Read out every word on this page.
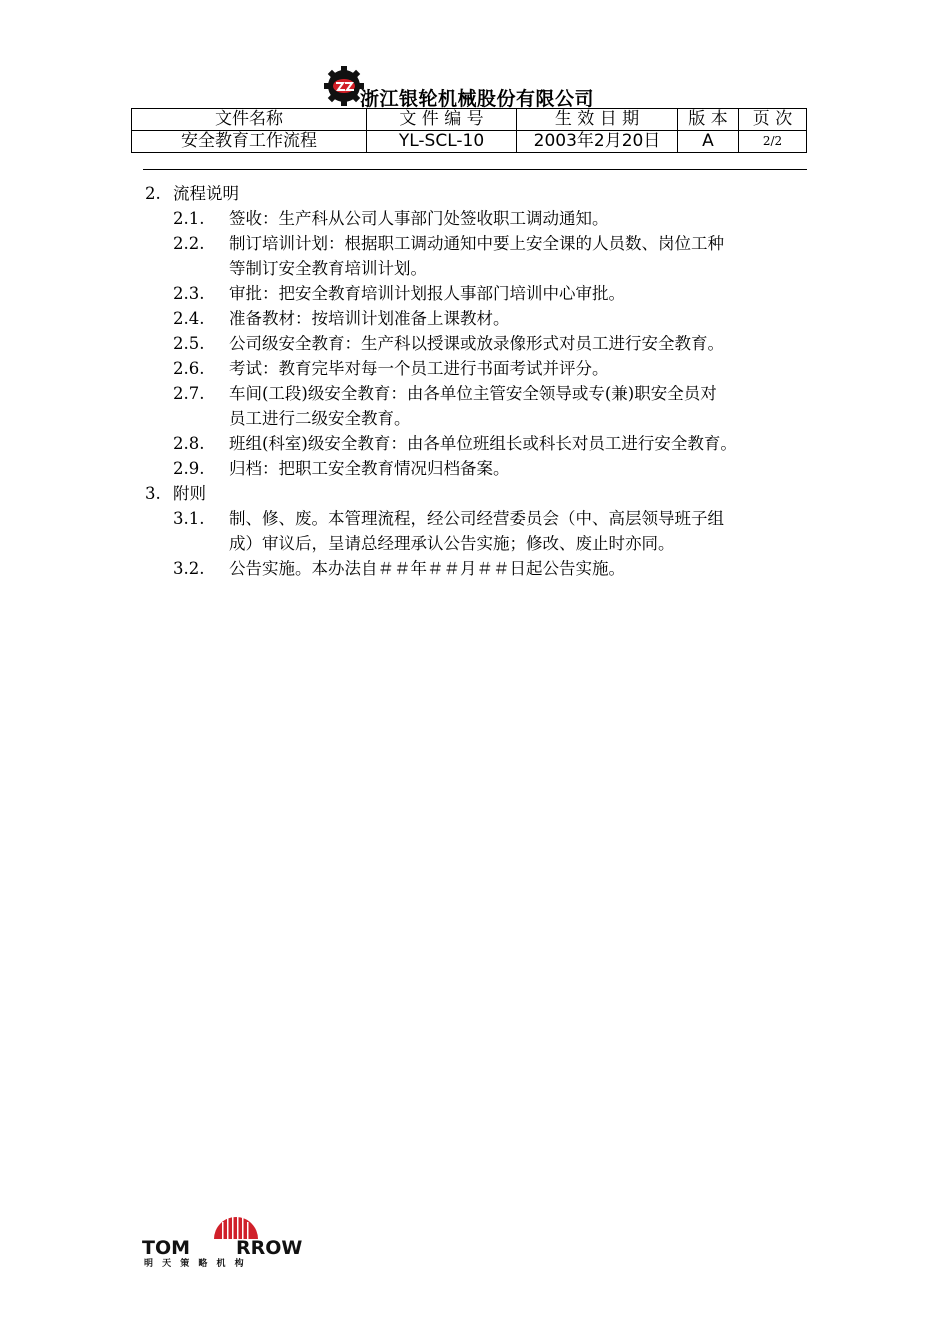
浙江银轮机械股份有限公司
文件名称	文 件 编 号	生 效 日 期	版 本	页 次
安全教育工作流程	YL-SCL-10	2003年2月20日	A	2/2
2. 流程说明
2.1. 签收：生产科从公司人事部门处签收职工调动通知。
2.2. 制订培训计划：根据职工调动通知中要上安全课的人员数、岗位工种
等制订安全教育培训计划。
2.3. 审批：把安全教育培训计划报人事部门培训中心审批。
2.4. 准备教材：按培训计划准备上课教材。
2.5. 公司级安全教育：生产科以授课或放录像形式对员工进行安全教育。
2.6. 考试：教育完毕对每一个员工进行书面考试并评分。
2.7. 车间(工段)级安全教育：由各单位主管安全领导或专(兼)职安全员对
员工进行二级安全教育。
2.8. 班组(科室)级安全教育：由各单位班组长或科长对员工进行安全教育。
2.9. 归档：把职工安全教育情况归档备案。
3. 附则
3.1. 制、修、废。本管理流程，经公司经营委员会（中、高层领导班子组
成）审议后，呈请总经理承认公告实施；修改、废止时亦同。
3.2. 公告实施。本办法自＃＃年＃＃月＃＃日起公告实施。
TOM RROW
明 天 策 略 机 构
